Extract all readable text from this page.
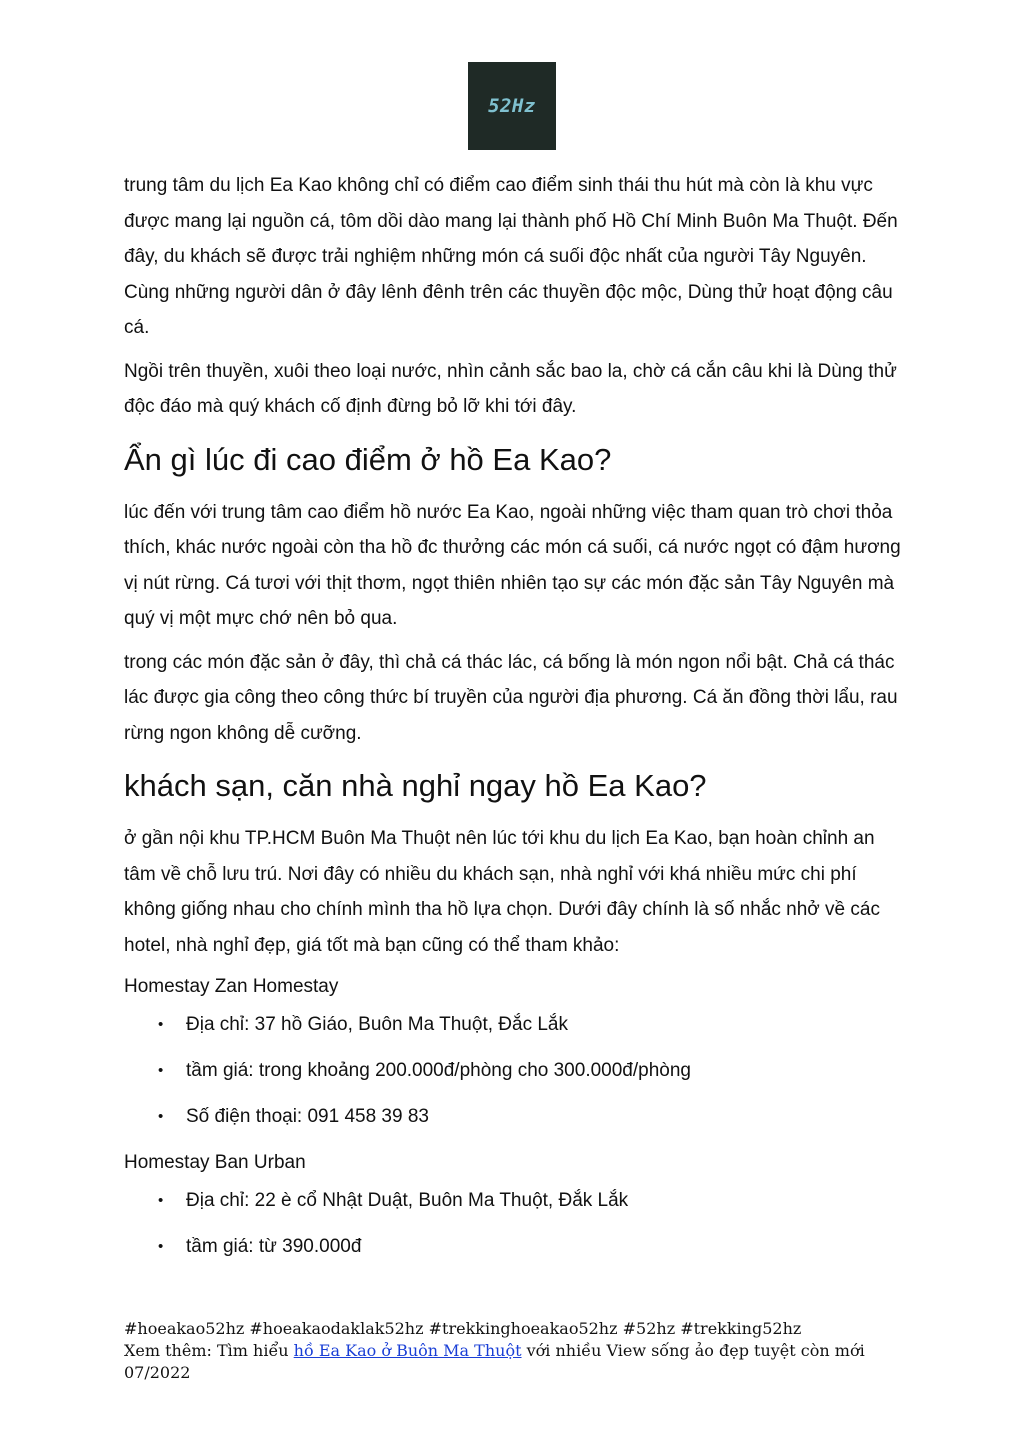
52Hz

trung tâm du lịch Ea Kao không chỉ có điểm cao điểm sinh thái thu hút mà còn là khu vực được mang lại nguồn cá, tôm dồi dào mang lại thành phố Hồ Chí Minh Buôn Ma Thuột. Đến đây, du khách sẽ được trải nghiệm những món cá suối độc nhất của người Tây Nguyên. Cùng những người dân ở đây lênh đênh trên các thuyền độc mộc, Dùng thử hoạt động câu cá.

Ngồi trên thuyền, xuôi theo loại nước, nhìn cảnh sắc bao la, chờ cá cắn câu khi là Dùng thử độc đáo mà quý khách cố định đừng bỏ lỡ khi tới đây.

Ẩn gì lúc đi cao điểm ở hồ Ea Kao?

lúc đến với trung tâm cao điểm hồ nước Ea Kao, ngoài những việc tham quan trò chơi thỏa thích, khác nước ngoài còn tha hồ đc thưởng các món cá suối, cá nước ngọt có đậm hương vị nút rừng. Cá tươi với thịt thơm, ngọt thiên nhiên tạo sự các món đặc sản Tây Nguyên mà quý vị một mực chớ nên bỏ qua.

trong các món đặc sản ở đây, thì chả cá thác lác, cá bống là món ngon nổi bật. Chả cá thác lác được gia công theo công thức bí truyền của người địa phương. Cá ăn đồng thời lẩu, rau rừng ngon không dễ cưỡng.

khách sạn, căn nhà nghỉ ngay hồ Ea Kao?

ở gần nội khu TP.HCM Buôn Ma Thuột nên lúc tới khu du lịch Ea Kao, bạn hoàn chỉnh an tâm về chỗ lưu trú. Nơi đây có nhiều du khách sạn, nhà nghỉ với khá nhiều mức chi phí không giống nhau cho chính mình tha hồ lựa chọn. Dưới đây chính là số nhắc nhở về các hotel, nhà nghỉ đẹp, giá tốt mà bạn cũng có thể tham khảo:

Homestay Zan Homestay

• Địa chỉ: 37 hồ Giáo, Buôn Ma Thuột, Đắc Lắk
• tầm giá: trong khoảng 200.000đ/phòng cho 300.000đ/phòng
• Số điện thoại: 091 458 39 83

Homestay Ban Urban

• Địa chỉ: 22 è cổ Nhật Duật, Buôn Ma Thuột, Đắk Lắk
• tầm giá: từ 390.000đ
#hoeakao52hz #hoeakaodaklak52hz #trekkinghoeakao52hz #52hz #trekking52hz
Xem thêm: Tìm hiểu hồ Ea Kao ở Buôn Ma Thuột với nhiều View sống ảo đẹp tuyệt còn mới 07/2022
